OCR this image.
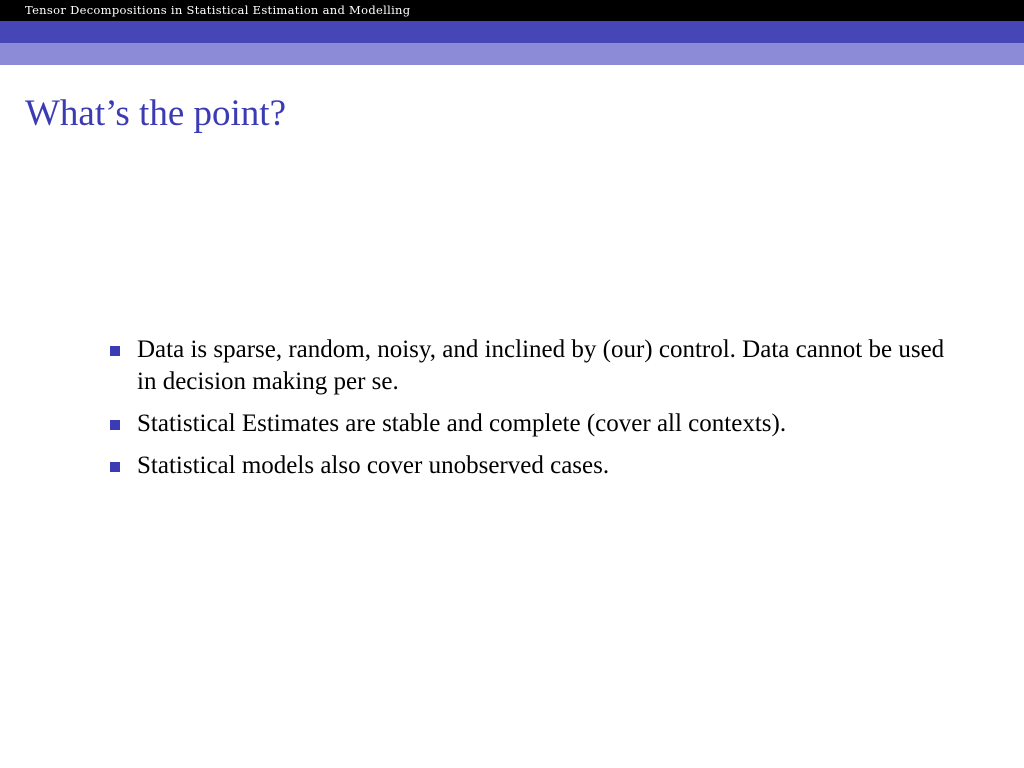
Tensor Decompositions in Statistical Estimation and Modelling
What’s the point?
Data is sparse, random, noisy, and inclined by (our) control. Data cannot be used in decision making per se.
Statistical Estimates are stable and complete (cover all contexts).
Statistical models also cover unobserved cases.
